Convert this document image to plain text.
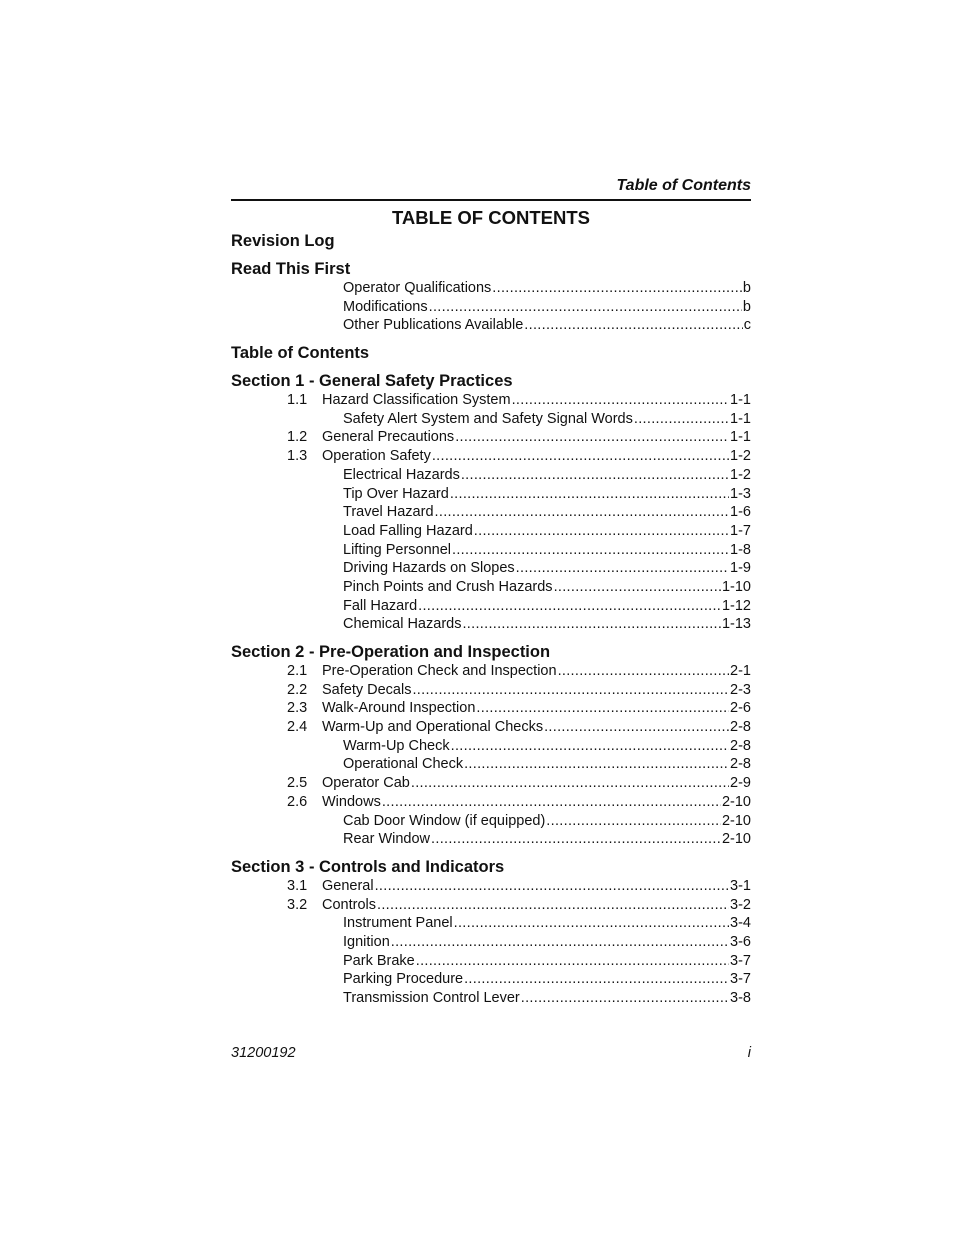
Table of Contents
TABLE OF CONTENTS
Revision Log
Read This First
Operator Qualifications .....	b
Modifications .....	b
Other Publications Available .....	c
Table of Contents
Section 1 - General Safety Practices
1.1	Hazard Classification System .....	1-1
Safety Alert System and Safety Signal Words .....	1-1
1.2	General Precautions .....	1-1
1.3	Operation Safety .....	1-2
Electrical Hazards .....	1-2
Tip Over Hazard .....	1-3
Travel Hazard .....	1-6
Load Falling Hazard .....	1-7
Lifting Personnel .....	1-8
Driving Hazards on Slopes .....	1-9
Pinch Points and Crush Hazards .....	1-10
Fall Hazard .....	1-12
Chemical Hazards .....	1-13
Section 2 - Pre-Operation and Inspection
2.1	Pre-Operation Check and Inspection .....	2-1
2.2	Safety Decals .....	2-3
2.3	Walk-Around Inspection .....	2-6
2.4	Warm-Up and Operational Checks .....	2-8
Warm-Up Check .....	2-8
Operational Check .....	2-8
2.5	Operator Cab .....	2-9
2.6	Windows .....	2-10
Cab Door Window (if equipped) .....	2-10
Rear Window .....	2-10
Section 3 - Controls and Indicators
3.1	General .....	3-1
3.2	Controls .....	3-2
Instrument Panel .....	3-4
Ignition .....	3-6
Park Brake .....	3-7
Parking Procedure .....	3-7
Transmission Control Lever .....	3-8
31200192	i
